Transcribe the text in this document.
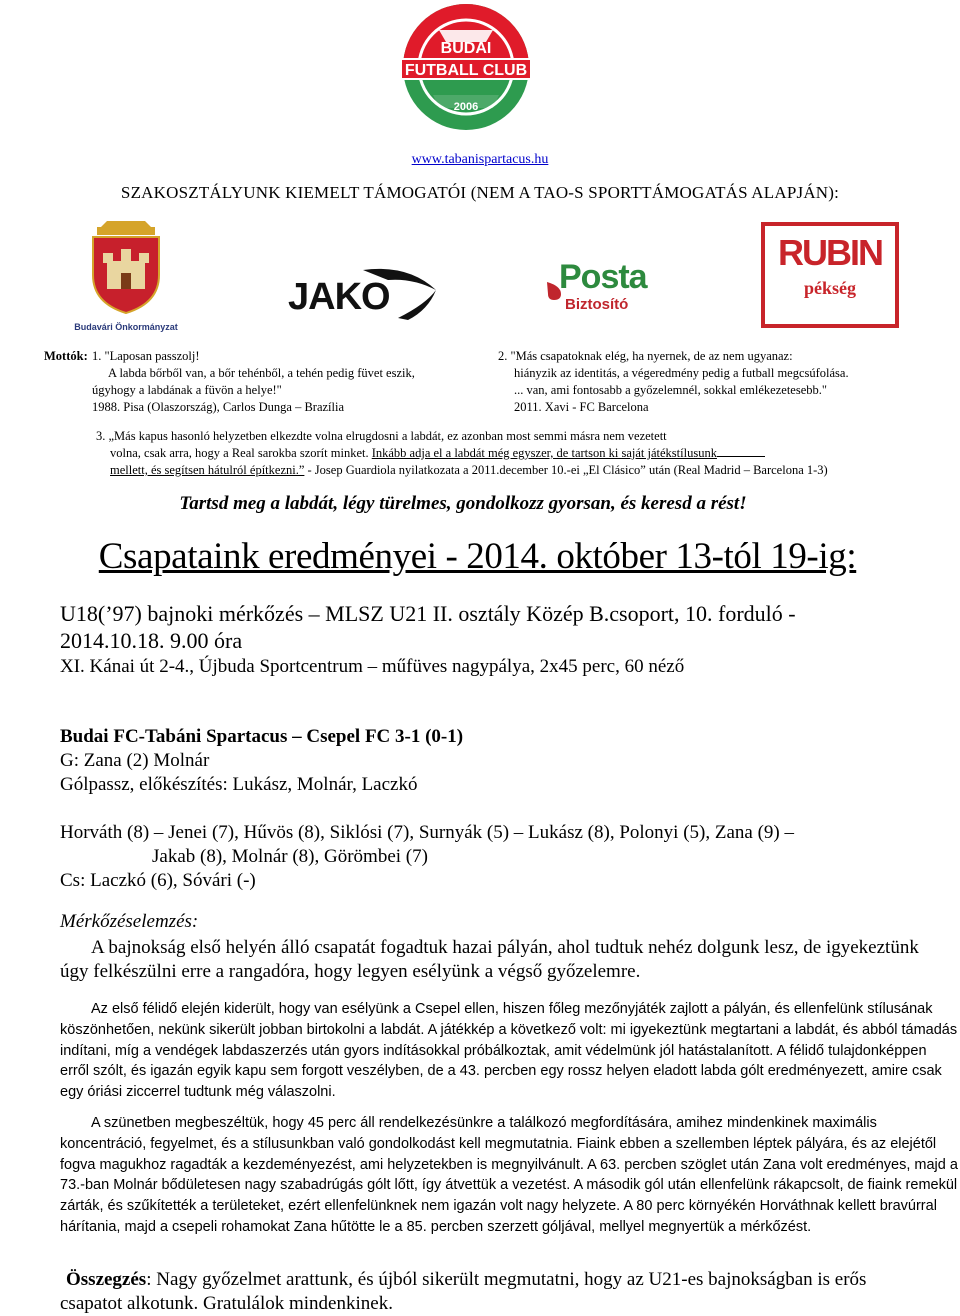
BUDAI
FUTBALL CLUB
2006
www.tabanispartacus.hu
SZAKOSZTÁLYUNK KIEMELT TÁMOGATÓI (NEM A TAO-S SPORTTÁMOGATÁS ALAPJÁN):
Budavári Önkormányzat
JAKO	Posta
Biztosító
RUBIN
pékség
Mottók: 1. "Laposan passzolj!
A labda bőrből van, a bőr tehénből, a tehén pedig füvet eszik,
úgyhogy a labdának a füvön a helye!"
1988. Pisa (Olaszország), Carlos Dunga – Brazília
2. "Más csapatoknak elég, ha nyernek, de az nem ugyanaz:
hiányzik az identitás, a végeredmény pedig a futball megcsúfolása.
... van, ami fontosabb a győzelemnél, sokkal emlékezetesebb."
2011. Xavi - FC Barcelona
3. „Más kapus hasonló helyzetben elkezdte volna elrugdosni a labdát, ez azonban most semmi másra nem vezetett
volna, csak arra, hogy a Real sarokba szorít minket. Inkább adja el a labdát még egyszer, de tartson ki saját játékstílusunk
mellett, és segítsen hátulról építkezni.” - Josep Guardiola nyilatkozata a 2011.december 10.-ei „El Clásico” után (Real Madrid – Barcelona 1-3)
Tartsd meg a labdát, légy türelmes, gondolkozz gyorsan, és keresd a rést!
Csapataink eredményei - 2014. október 13-tól 19-ig:
U18(’97) bajnoki mérkőzés – MLSZ U21 II. osztály Közép B.csoport, 10. forduló -
2014.10.18. 9.00 óra
XI. Kánai út 2-4., Újbuda Sportcentrum – műfüves nagypálya, 2x45 perc, 60 néző
Budai FC-Tabáni Spartacus – Csepel FC 3-1 (0-1)
G: Zana (2) Molnár
Gólpassz, előkészítés: Lukász, Molnár, Laczkó
Horváth (8) – Jenei (7), Hűvös (8), Siklósi (7), Surnyák (5) – Lukász (8), Polonyi (5), Zana (9) –
Jakab (8), Molnár (8), Görömbei (7)
Cs: Laczkó (6), Sóvári (-)
Mérkőzéselemzés:
A bajnokság első helyén álló csapatát fogadtuk hazai pályán, ahol tudtuk nehéz dolgunk lesz, de igyekeztünk
úgy felkészülni erre a rangadóra, hogy legyen esélyünk a végső győzelemre.
Az első félidő elején kiderült, hogy van esélyünk a Csepel ellen, hiszen főleg mezőnyjáték zajlott a pályán, és ellenfelünk stílusának
köszönhetően, nekünk sikerült jobban birtokolni a labdát. A játékkép a következő volt: mi igyekeztünk megtartani a labdát, és abból támadás
indítani, míg a vendégek labdaszerzés után gyors indításokkal próbálkoztak, amit védelmünk jól hatástalanított. A félidő tulajdonképpen
erről szólt, és igazán egyik kapu sem forgott veszélyben, de a 43. percben egy rossz helyen eladott labda gólt eredményezett, amire csak
egy óriási ziccerrel tudtunk még válaszolni.
A szünetben megbeszéltük, hogy 45 perc áll rendelkezésünkre a találkozó megfordítására, amihez mindenkinek maximális
koncentráció, fegyelmet, és a stílusunkban való gondolkodást kell megmutatnia. Fiaink ebben a szellemben léptek pályára, és az elejétől
fogva magukhoz ragadták a kezdeményezést, ami helyzetekben is megnyilvánult. A 63. percben szöglet után Zana volt eredményes, majd a
73.-ban Molnár bődületesen nagy szabadrúgás gólt lőtt, így átvettük a vezetést. A második gól után ellenfelünk rákapcsolt, de fiaink remekül
zárták, és szűkítették a területeket, ezért ellenfelünknek nem igazán volt nagy helyzete. A 80 perc környékén Horváthnak kellett bravúrral
hárítania, majd a csepeli rohamokat Zana hűtötte le a 85. percben szerzett góljával, mellyel megnyertük a mérkőzést.
Összegzés: Nagy győzelmet arattunk, és újból sikerült megmutatni, hogy az U21-es bajnokságban is erős
csapatot alkotunk. Gratulálok mindenkinek.
